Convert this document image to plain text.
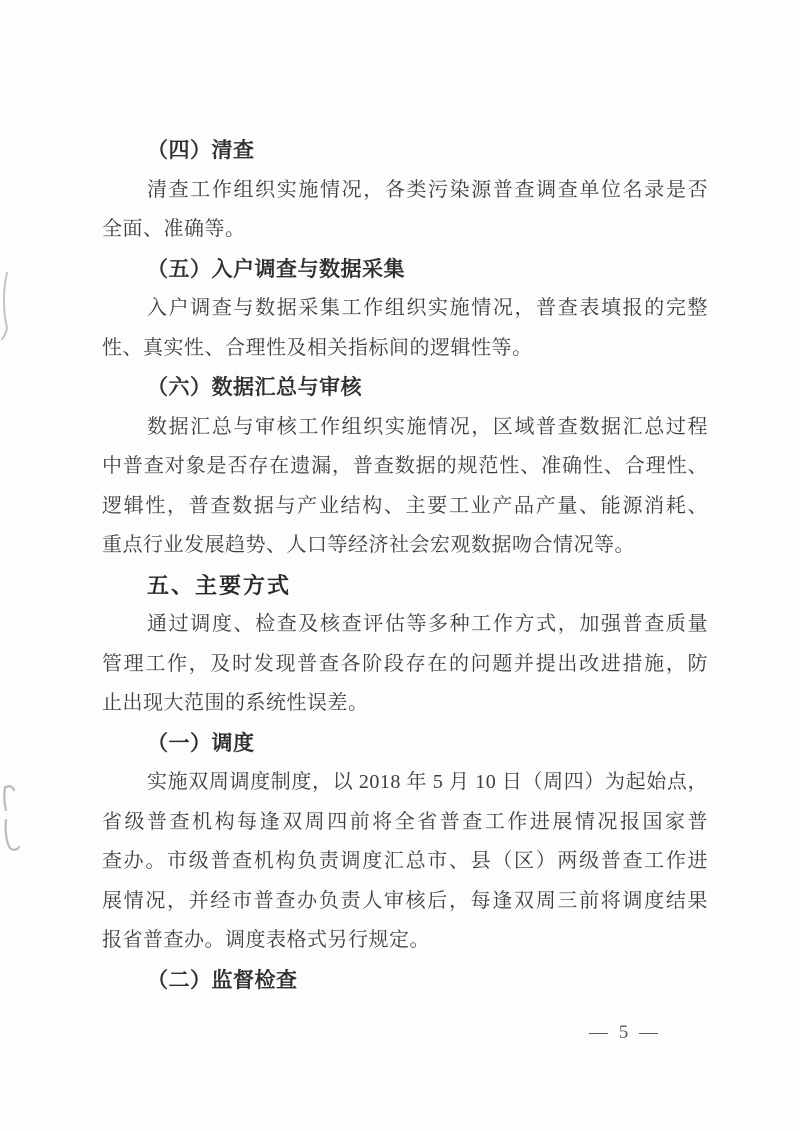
（四）清查
清查工作组织实施情况，各类污染源普查调查单位名录是否
全面、准确等。
（五）入户调查与数据采集
入户调查与数据采集工作组织实施情况，普查表填报的完整
性、真实性、合理性及相关指标间的逻辑性等。
（六）数据汇总与审核
数据汇总与审核工作组织实施情况，区域普查数据汇总过程
中普查对象是否存在遗漏，普查数据的规范性、准确性、合理性、
逻辑性，普查数据与产业结构、主要工业产品产量、能源消耗、
重点行业发展趋势、人口等经济社会宏观数据吻合情况等。
五、主要方式
通过调度、检查及核查评估等多种工作方式，加强普查质量
管理工作，及时发现普查各阶段存在的问题并提出改进措施，防
止出现大范围的系统性误差。
（一）调度
实施双周调度制度，以 2018 年 5 月 10 日（周四）为起始点，
省级普查机构每逢双周四前将全省普查工作进展情况报国家普
查办。市级普查机构负责调度汇总市、县（区）两级普查工作进
展情况，并经市普查办负责人审核后，每逢双周三前将调度结果
报省普查办。调度表格式另行规定。
（二）监督检查
— 5 —
